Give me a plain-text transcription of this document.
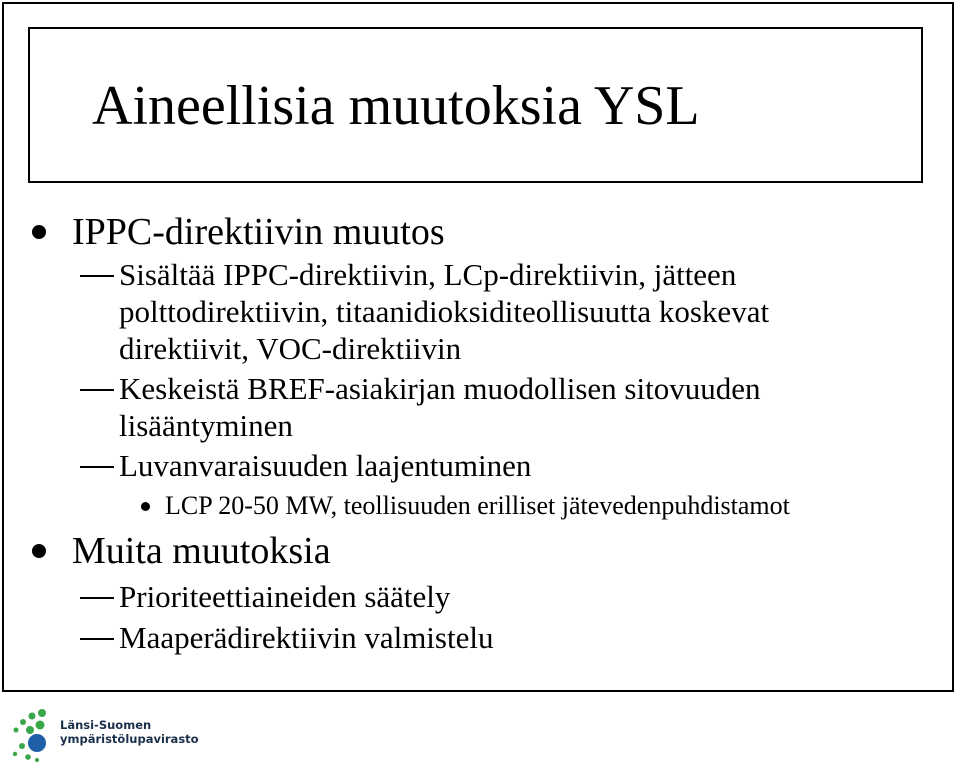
Aineellisia muutoksia YSL
IPPC-direktiivin muutos
Sisältää IPPC-direktiivin, LCp-direktiivin, jätteen
polttodirektiivin, titaanidioksiditeollisuutta koskevat
direktiivit, VOC-direktiivin
Keskeistä BREF-asiakirjan muodollisen sitovuuden
lisääntyminen
Luvanvaraisuuden laajentuminen
LCP 20-50 MW, teollisuuden erilliset jätevedenpuhdistamot
Muita muutoksia
Prioriteettiaineiden säätely
Maaperädirektiivin valmistelu
Länsi-Suomen
ympäristölupavirasto
